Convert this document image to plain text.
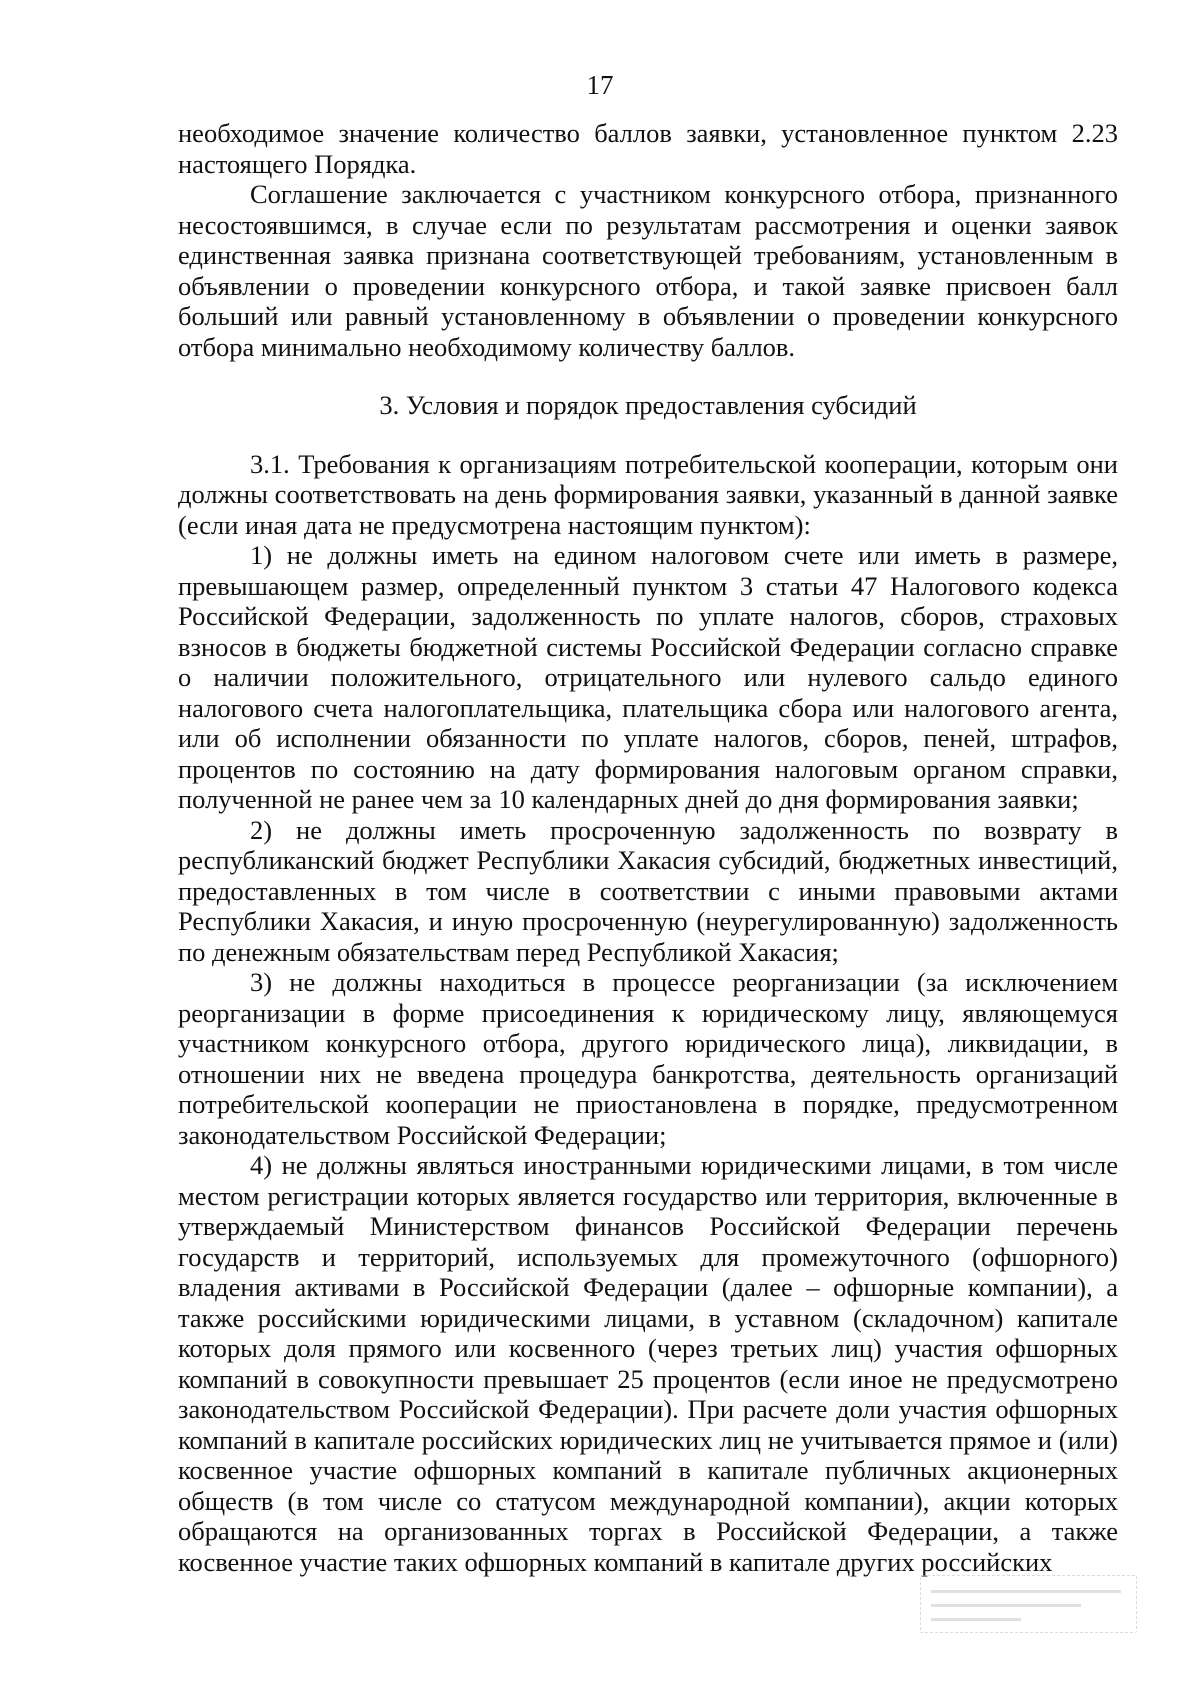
17

необходимое значение количество баллов заявки, установленное пунктом 2.23 настоящего Порядка.

Соглашение заключается с участником конкурсного отбора, признанного несостоявшимся, в случае если по результатам рассмотрения и оценки заявок единственная заявка признана соответствующей требованиям, установленным в объявлении о проведении конкурсного отбора, и такой заявке присвоен балл больший или равный установленному в объявлении о проведении конкурсного отбора минимально необходимому количеству баллов.

3. Условия и порядок предоставления субсидий

3.1. Требования к организациям потребительской кооперации, которым они должны соответствовать на день формирования заявки, указанный в данной заявке (если иная дата не предусмотрена настоящим пунктом):

1) не должны иметь на едином налоговом счете или иметь в размере, превышающем размер, определенный пунктом 3 статьи 47 Налогового кодекса Российской Федерации, задолженность по уплате налогов, сборов, страховых взносов в бюджеты бюджетной системы Российской Федерации согласно справке о наличии положительного, отрицательного или нулевого сальдо единого налогового счета налогоплательщика, плательщика сбора или налогового агента, или об исполнении обязанности по уплате налогов, сборов, пеней, штрафов, процентов по состоянию на дату формирования налоговым органом справки, полученной не ранее чем за 10 календарных дней до дня формирования заявки;

2) не должны иметь просроченную задолженность по возврату в республиканский бюджет Республики Хакасия субсидий, бюджетных инвестиций, предоставленных в том числе в соответствии с иными правовыми актами Республики Хакасия, и иную просроченную (неурегулированную) задолженность по денежным обязательствам перед Республикой Хакасия;

3) не должны находиться в процессе реорганизации (за исключением реорганизации в форме присоединения к юридическому лицу, являющемуся участником конкурсного отбора, другого юридического лица), ликвидации, в отношении них не введена процедура банкротства, деятельность организаций потребительской кооперации не приостановлена в порядке, предусмотренном законодательством Российской Федерации;

4) не должны являться иностранными юридическими лицами, в том числе местом регистрации которых является государство или территория, включенные в утверждаемый Министерством финансов Российской Федерации перечень государств и территорий, используемых для промежуточного (офшорного) владения активами в Российской Федерации (далее – офшорные компании), а также российскими юридическими лицами, в уставном (складочном) капитале которых доля прямого или косвенного (через третьих лиц) участия офшорных компаний в совокупности превышает 25 процентов (если иное не предусмотрено законодательством Российской Федерации). При расчете доли участия офшорных компаний в капитале российских юридических лиц не учитывается прямое и (или) косвенное участие офшорных компаний в капитале публичных акционерных обществ (в том числе со статусом международной компании), акции которых обращаются на организованных торгах в Российской Федерации, а также косвенное участие таких офшорных компаний в капитале других российских
